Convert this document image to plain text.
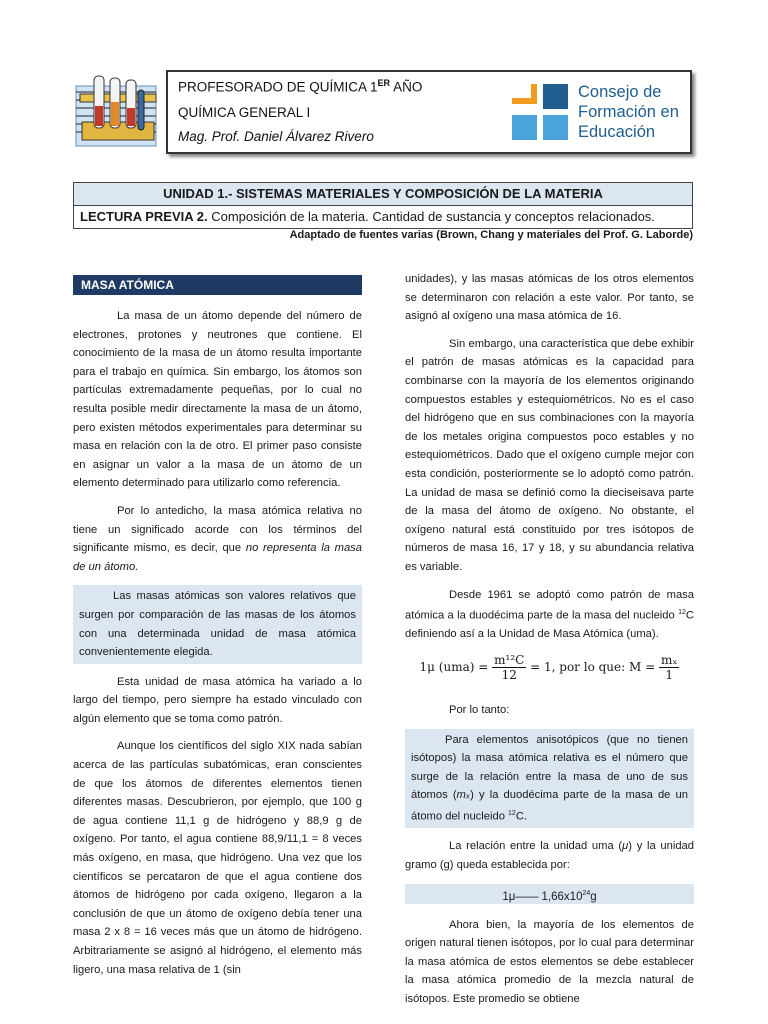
PROFESORADO DE QUÍMICA 1ER AÑO
QUÍMICA GENERAL I
Mag. Prof. Daniel Álvarez Rivero
Consejo de
Formación en
Educación
UNIDAD 1.- SISTEMAS MATERIALES Y COMPOSICIÓN DE LA MATERIA
LECTURA PREVIA 2. Composición de la materia. Cantidad de sustancia y conceptos relacionados.
Adaptado de fuentes varias (Brown, Chang y materiales del Prof. G. Laborde)
MASA ATÓMICA

La masa de un átomo depende del número de electrones, protones y neutrones que contiene. El conocimiento de la masa de un átomo resulta importante para el trabajo en química. Sin embargo, los átomos son partículas extremadamente pequeñas, por lo cual no resulta posible medir directamente la masa de un átomo, pero existen métodos experimentales para determinar su masa en relación con la de otro. El primer paso consiste en asignar un valor a la masa de un átomo de un elemento determinado para utilizarlo como referencia.

Por lo antedicho, la masa atómica relativa no tiene un significado acorde con los términos del significante mismo, es decir, que no representa la masa de un átomo.

Las masas atómicas son valores relativos que surgen por comparación de las masas de los átomos con una determinada unidad de masa atómica convenientemente elegida.

Esta unidad de masa atómica ha variado a lo largo del tiempo, pero siempre ha estado vinculado con algún elemento que se toma como patrón.

Aunque los científicos del siglo XIX nada sabían acerca de las partículas subatómicas, eran conscientes de que los átomos de diferentes elementos tienen diferentes masas. Descubrieron, por ejemplo, que 100 g de agua contiene 11,1 g de hidrógeno y 88,9 g de oxígeno. Por tanto, el agua contiene 88,9/11,1 = 8 veces más oxígeno, en masa, que hidrógeno. Una vez que los científicos se percataron de que el agua contiene dos átomos de hidrógeno por cada oxígeno, llegaron a la conclusión de que un átomo de oxígeno debía tener una masa 2 x 8 = 16 veces más que un átomo de hidrógeno. Arbitrariamente se asignó al hidrógeno, el elemento más ligero, una masa relativa de 1 (sin

unidades), y las masas atómicas de los otros elementos se determinaron con relación a este valor. Por tanto, se asignó al oxígeno una masa atómica de 16.

Sin embargo, una característica que debe exhibir el patrón de masas atómicas es la capacidad para combinarse con la mayoría de los elementos originando compuestos estables y estequiométricos. No es el caso del hidrógeno que en sus combinaciones con la mayoría de los metales origina compuestos poco estables y no estequiométricos. Dado que el oxígeno cumple mejor con esta condición, posteriormente se lo adoptó como patrón. La unidad de masa se definió como la dieciseisava parte de la masa del átomo de oxígeno. No obstante, el oxígeno natural está constituido por tres isótopos de números de masa 16, 17 y 18, y su abundancia relativa es variable.

Desde 1961 se adoptó como patrón de masa atómica a la duodécima parte de la masa del nucleido $^{12}$C definiendo así a la Unidad de Masa Atómica (uma).

1μ $(uma) = \frac{\text{m¹²C}}{12} = 1$, por lo que: $M = \frac{\text{mₓ}}{1}$

Por lo tanto:

Para elementos anisotópicos (que no tienen isótopos) la masa atómica relativa es el número que surge de la relación entre la masa de uno de sus átomos (mₓ) y la duodécima parte de la masa de un átomo del nucleido $^{12}$C.

La relación entre la unidad uma (μ) y la unidad gramo (g) queda establecida por:

1μ—— $1,66x10^{24}g$

Ahora bien, la mayoría de los elementos de origen natural tienen isótopos, por lo cual para determinar la masa atómica de estos elementos se debe establecer la masa atómica promedio de la mezcla natural de isótopos. Este promedio se obtiene
